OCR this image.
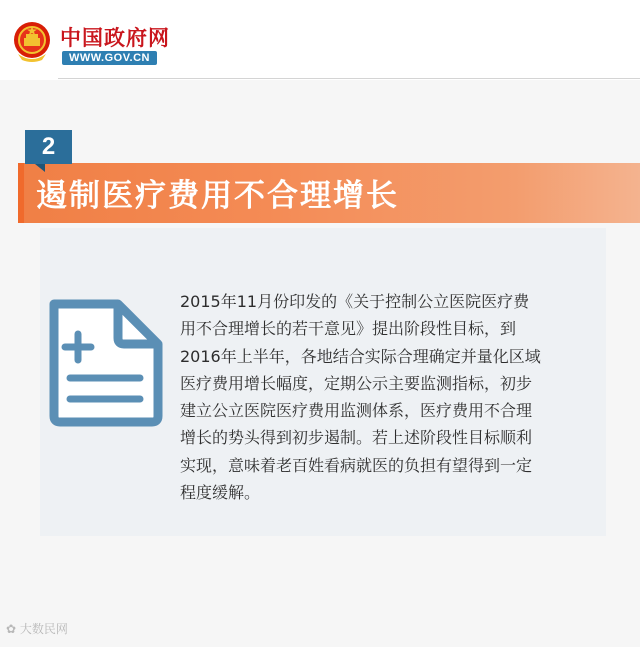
中国政府网
WWW.GOV.CN
2
遏制医疗费用不合理增长
2015年11月份印发的《关于控制公立医院医疗费
用不合理增长的若干意见》提出阶段性目标，到
2016年上半年，各地结合实际合理确定并量化区域
医疗费用增长幅度，定期公示主要监测指标，初步
建立公立医院医疗费用监测体系，医疗费用不合理
增长的势头得到初步遏制。若上述阶段性目标顺利
实现，意味着老百姓看病就医的负担有望得到一定
程度缓解。
✿ 大数民网
